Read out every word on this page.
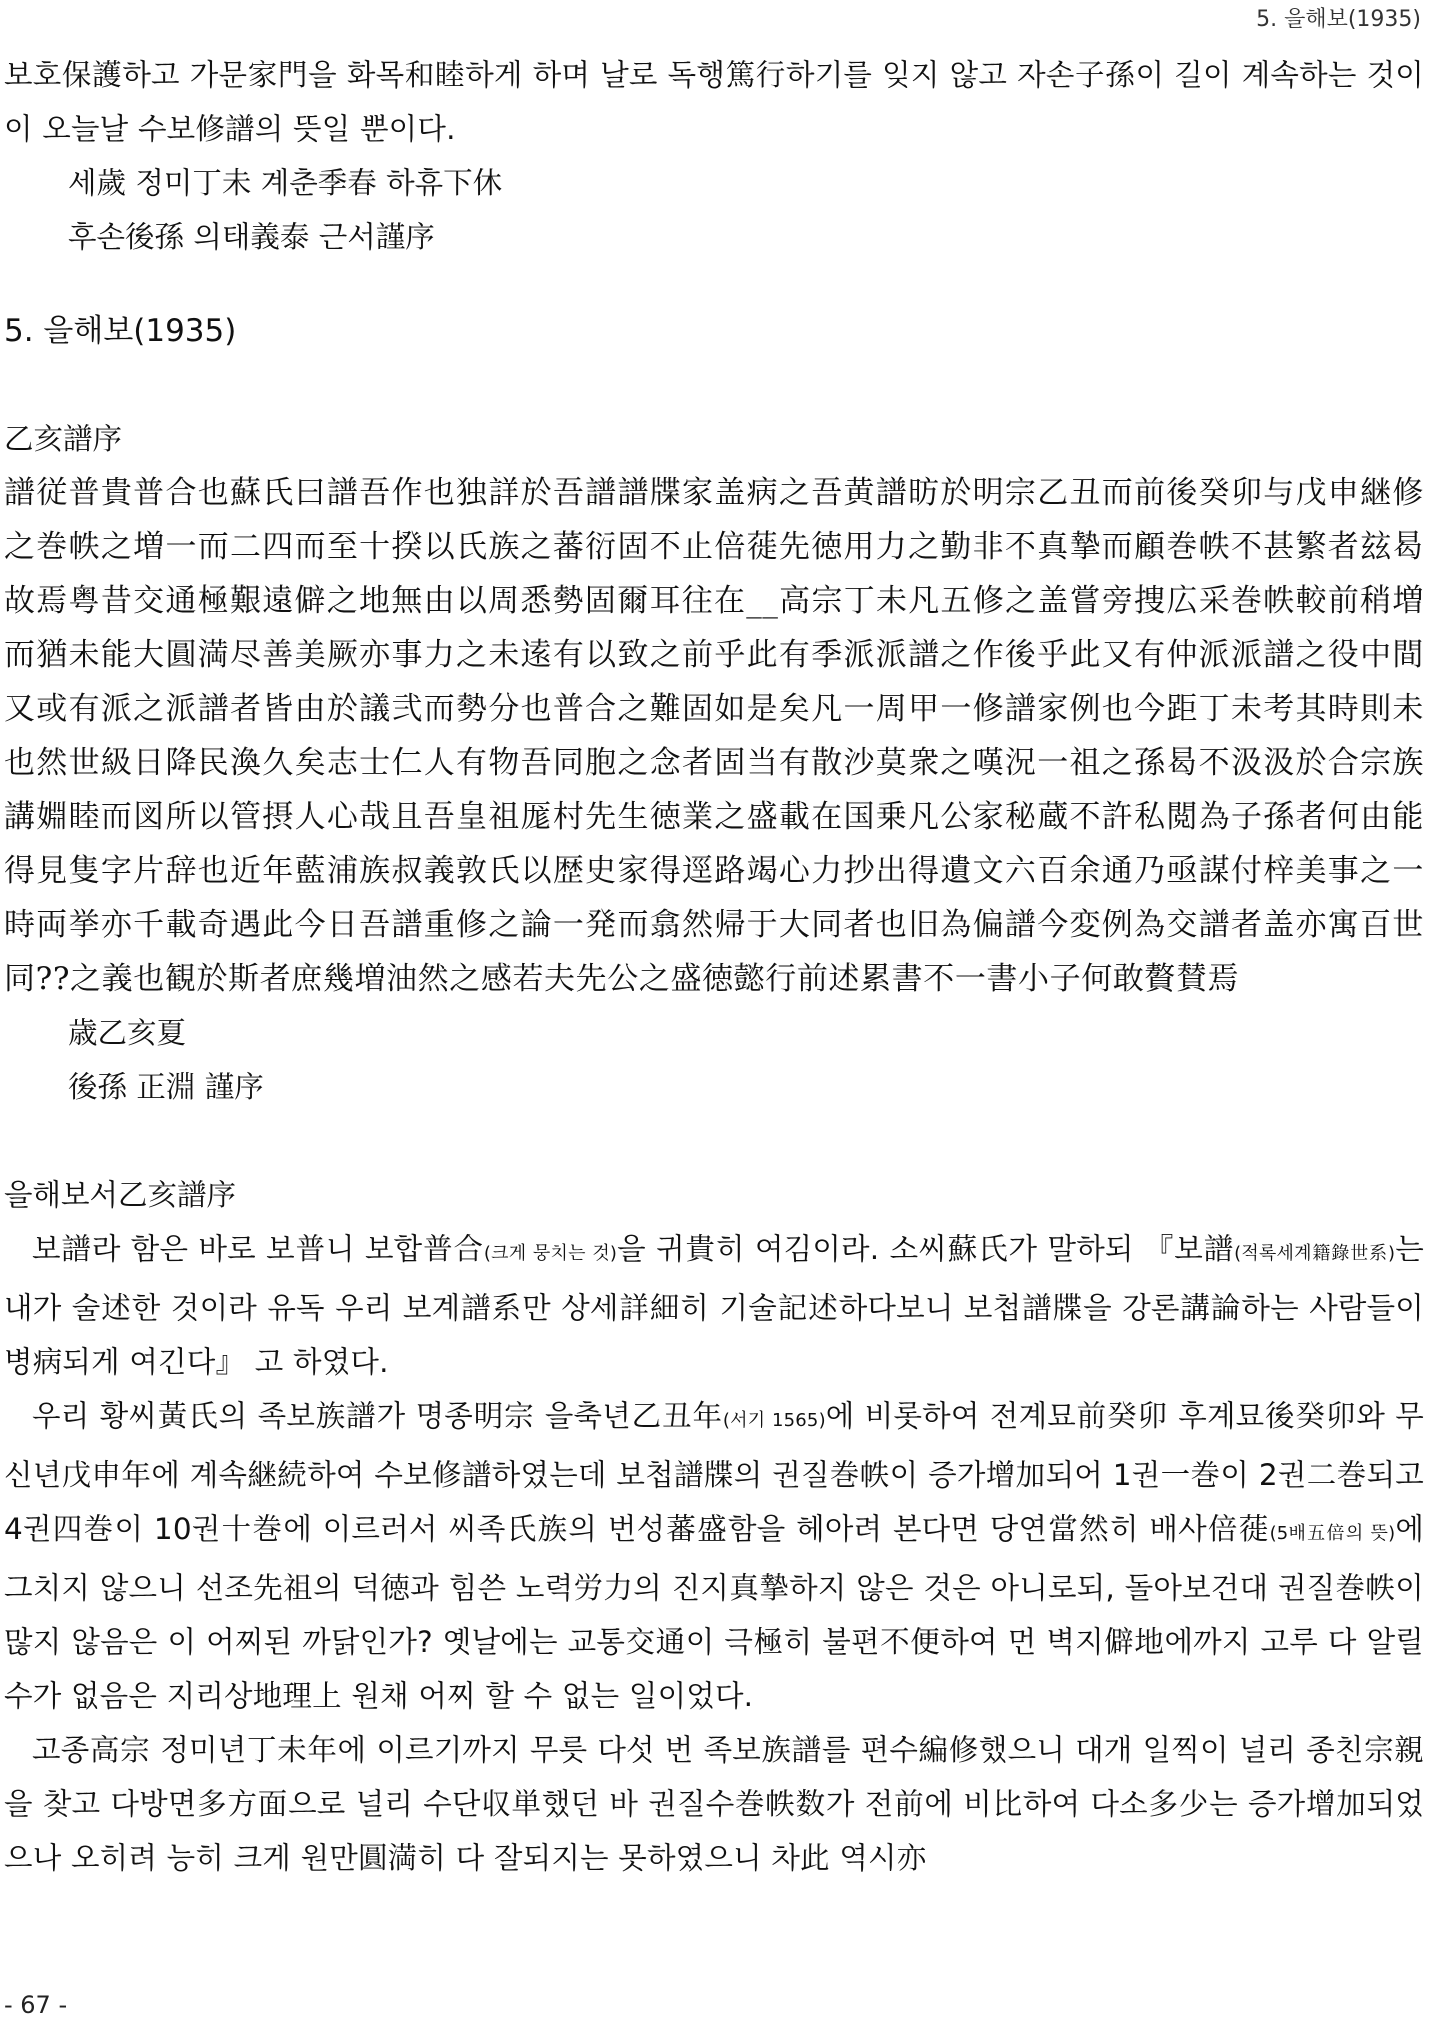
5. 을해보(1935)

보호保護하고 가문家門을 화목和睦하게 하며 날로 독행篤行하기를 잊지 않고 자손子孫이 길이 계속하는 것이 이 오늘날 수보修譜의 뜻일 뿐이다.

세歲 정미丁未 계춘季春 하휴下休

후손後孫 의태義泰 근서謹序

5. 을해보(1935)

乙亥譜序

譜従普貴普合也蘇氏曰譜吾作也独詳於吾譜譜牒家盖病之吾黄譜昉於明宗乙丑而前後癸卯与戊申継修之巻帙之増一而二四而至十揆以氏族之蕃衍固不止倍蓰先徳用力之勤非不真摯而顧巻帙不甚繁者玆曷故焉粤昔交通極艱遠僻之地無由以周悉勢固爾耳往在__高宗丁未凡五修之盖嘗旁捜広采巻帙較前稍増而猶未能大圓満尽善美厥亦事力之未逺有以致之前乎此有季派派譜之作後乎此又有仲派派譜之役中間又或有派之派譜者皆由於議弐而勢分也普合之難固如是矣凡一周甲一修譜家例也今距丁未考其時則未也然世級日降民渙久矣志士仁人有物吾同胞之念者固当有散沙莫衆之嘆況一祖之孫曷不汲汲於合宗族講婣睦而図所以管摂人心哉且吾皇祖厖村先生徳業之盛載在国乗凡公家秘蔵不許私閲為子孫者何由能得見隻字片辞也近年藍浦族叔義敦氏以歴史家得逕路竭心力抄出得遺文六百余通乃亟謀付梓美事之一時両挙亦千載奇遇此今日吾譜重修之論一発而翕然帰于大同者也旧為偏譜今変例為交譜者盖亦寓百世同??之義也観於斯者庶幾増油然之感若夫先公之盛徳懿行前述累書不一書小子何敢贅賛焉

歳乙亥夏

後孫 正淵 謹序

을해보서乙亥譜序

보譜라 함은 바로 보普니 보합普合(크게 뭉치는 것)을 귀貴히 여김이라. 소씨蘇氏가 말하되 『보譜(적록세계籍錄世系)는 내가 술述한 것이라 유독 우리 보계譜系만 상세詳細히 기술記述하다보니 보첩譜牒을 강론講論하는 사람들이 병病되게 여긴다』 고 하였다.

우리 황씨黃氏의 족보族譜가 명종明宗 을축년乙丑年(서기 1565)에 비롯하여 전계묘前癸卯 후계묘後癸卯와 무신년戊申年에 계속継続하여 수보修譜하였는데 보첩譜牒의 권질巻帙이 증가增加되어 1권一巻이 2권二巻되고 4권四巻이 10권十巻에 이르러서 씨족氏族의 번성蕃盛함을 헤아려 본다면 당연當然히 배사倍蓰(5배五倍의 뜻)에 그치지 않으니 선조先祖의 덕徳과 힘쓴 노력労力의 진지真摯하지 않은 것은 아니로되, 돌아보건대 권질巻帙이 많지 않음은 이 어찌된 까닭인가? 옛날에는 교통交通이 극極히 불편不便하여 먼 벽지僻地에까지 고루 다 알릴 수가 없음은 지리상地理上 원채 어찌 할 수 없는 일이었다.

고종高宗 정미년丁未年에 이르기까지 무릇 다섯 번 족보族譜를 편수編修했으니 대개 일찍이 널리 종친宗親을 찾고 다방면多方面으로 널리 수단収単했던 바 권질수巻帙数가 전前에 비比하여 다소多少는 증가增加되었으나 오히려 능히 크게 원만圓満히 다 잘되지는 못하였으니 차此 역시亦

- 67 -
